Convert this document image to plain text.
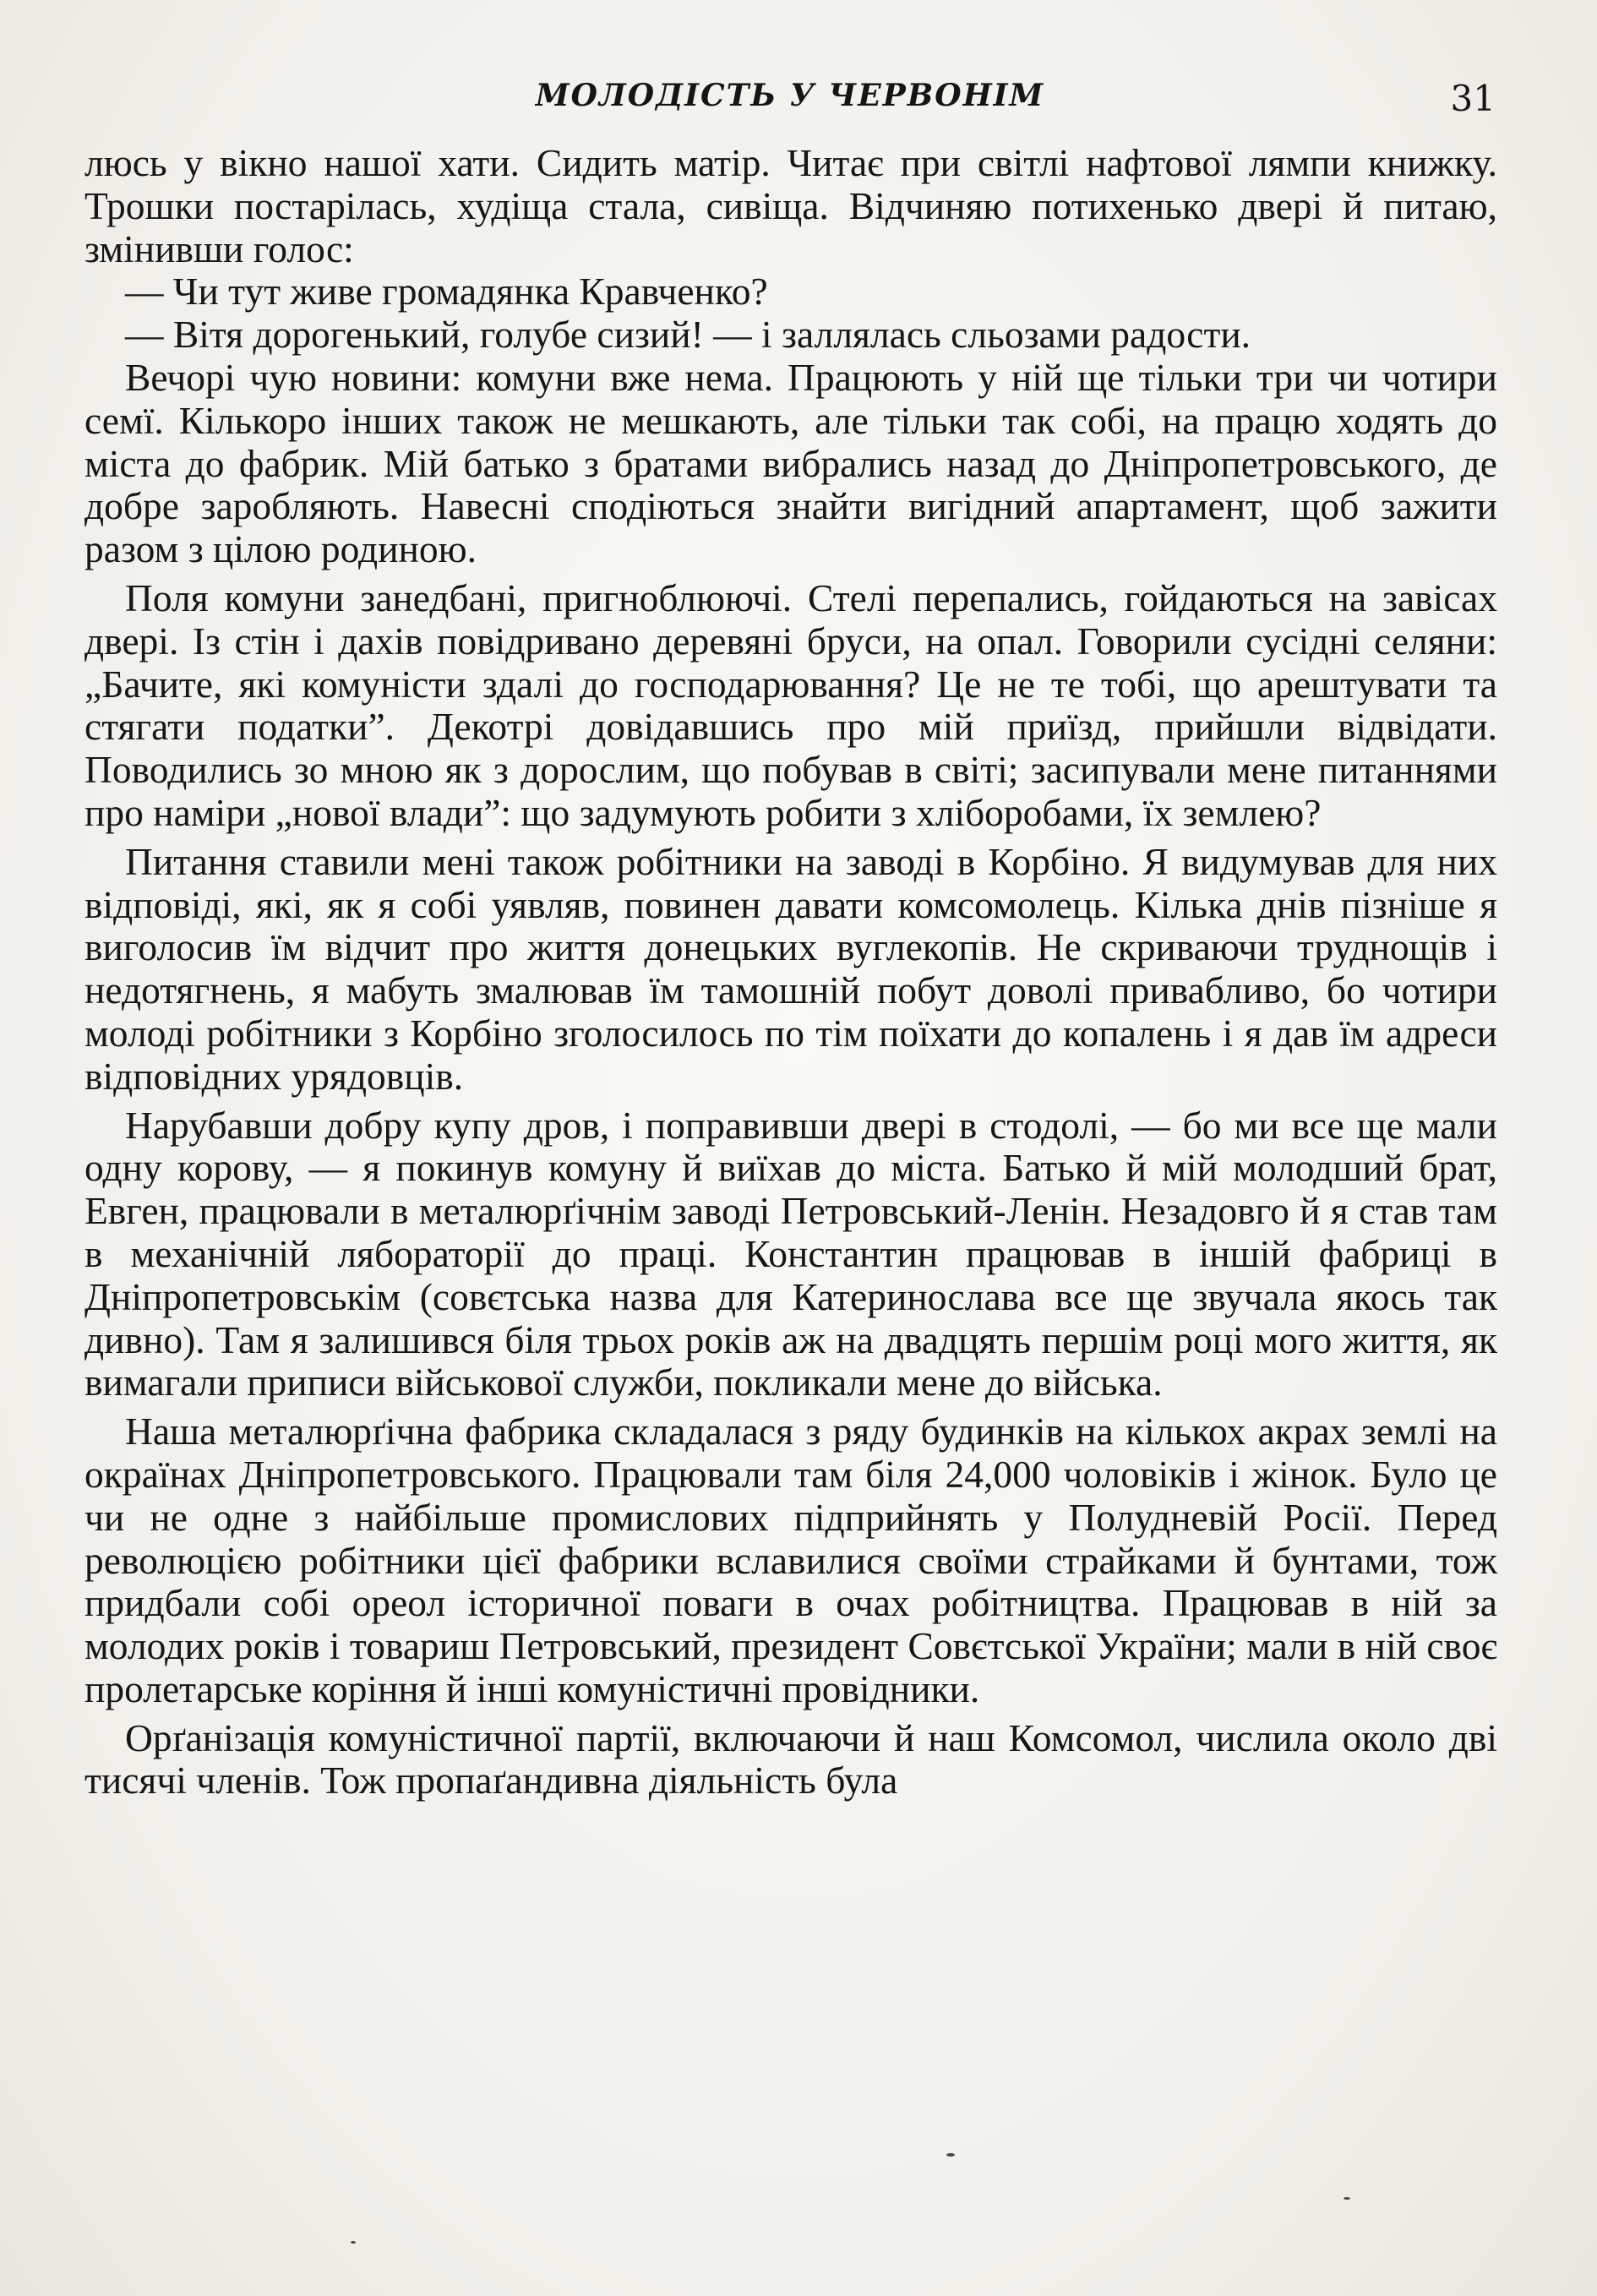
МОЛОДІСТЬ У ЧЕРВОНІМ	31

люсь у вікно нашої хати. Сидить матір. Читає при світлі нафтової лямпи книжку. Трошки постарілась, худіща стала, сивіща. Відчиняю потихенько двері й питаю, змінивши голос:

— Чи тут живе громадянка Кравченко?

— Вітя дорогенький, голубе сизий! — і заллялась сльозами радости.

Вечорі чую новини: комуни вже нема. Працюють у ній ще тільки три чи чотири семї. Кількоро інших також не мешкають, але тільки так собі, на працю ходять до міста до фабрик. Мій батько з братами вибрались назад до Дніпропетровського, де добре заробляють. Навесні сподіються знайти вигідний апартамент, щоб зажити разом з цілою родиною.

Поля комуни занедбані, пригноблюючі. Стелі перепались, гойдаються на завісах двері. Із стін і дахів повідривано деревяні бруси, на опал. Говорили сусідні селяни: „Бачите, які комуністи здалі до господарювання? Це не те тобі, що арештувати та стягати податки”. Декотрі довідавшись про мій приїзд, прийшли відвідати. Поводились зо мною як з дорослим, що побував в світі; засипували мене питаннями про наміри „нової влади”: що задумують робити з хліборобами, їх землею?

Питання ставили мені також робітники на заводі в Корбіно. Я видумував для них відповіді, які, як я собі уявляв, повинен давати комсомолець. Кілька днів пізніше я виголосив їм відчит про життя донецьких вуглекопів. Не скриваючи труднощів і недотягнень, я мабуть змалював їм тамошній побут доволі привабливо, бо чотири молоді робітники з Корбіно зголосилось по тім поїхати до копалень і я дав їм адреси відповідних урядовців.

Нарубавши добру купу дров, і поправивши двері в стодолі, — бо ми все ще мали одну корову, — я покинув комуну й виїхав до міста. Батько й мій молодший брат, Евген, працювали в металюрґічнім заводі Петровський-Ленін. Незадовго й я став там в механічній лябораторії до праці. Константин працював в іншій фабриці в Дніпропетровськім (совєтська назва для Катеринослава все ще звучала якось так дивно). Там я залишився біля трьох років аж на двадцять першім році мого життя, як вимагали приписи військової служби, покликали мене до війська.

Наша металюрґічна фабрика складалася з ряду будинків на кількох акрах землі на окраїнах Дніпропетровського. Працювали там біля 24,000 чоловіків і жінок. Було це чи не одне з найбільше промислових підприйнять у Полудневій Росії. Перед революцією робітники цієї фабрики вславилися своїми страйками й бунтами, тож придбали собі ореол історичної поваги в очах робітництва. Працював в ній за молодих років і товариш Петровський, президент Совєтської України; мали в ній своє пролетарське коріння й інші комуністичні провідники.

Орґанізація комуністичної партії, включаючи й наш Комсомол, числила около дві тисячі членів. Тож пропаґандивна діяльність була
